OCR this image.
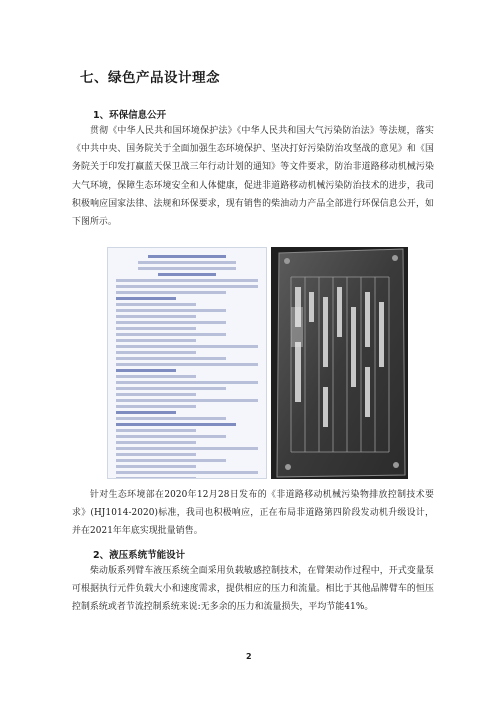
七、绿色产品设计理念
1、环保信息公开

贯彻《中华人民共和国环境保护法》《中华人民共和国大气污染防治法》等法规，落实《中共中央、国务院关于全面加强生态环境保护、坚决打好污染防治攻坚战的意见》和《国务院关于印发打赢蓝天保卫战三年行动计划的通知》等文件要求，防治非道路移动机械污染大气环境，保障生态环境安全和人体健康，促进非道路移动机械污染防治技术的进步，我司积极响应国家法律、法规和环保要求，现有销售的柴油动力产品全部进行环保信息公开，如下图所示。

针对生态环境部在2020年12月28日发布的《非道路移动机械污染物排放控制技术要求》(HJ1014-2020)标准，我司也积极响应，正在布局非道路第四阶段发动机升级设计，并在2021年年底实现批量销售。

2、液压系统节能设计

柴动版系列臂车液压系统全面采用负载敏感控制技术，在臂架动作过程中，开式变量泵可根据执行元件负载大小和速度需求，提供相应的压力和流量。相比于其他品牌臂车的恒压控制系统或者节流控制系统来说:无多余的压力和流量损失，平均节能41%。

2
